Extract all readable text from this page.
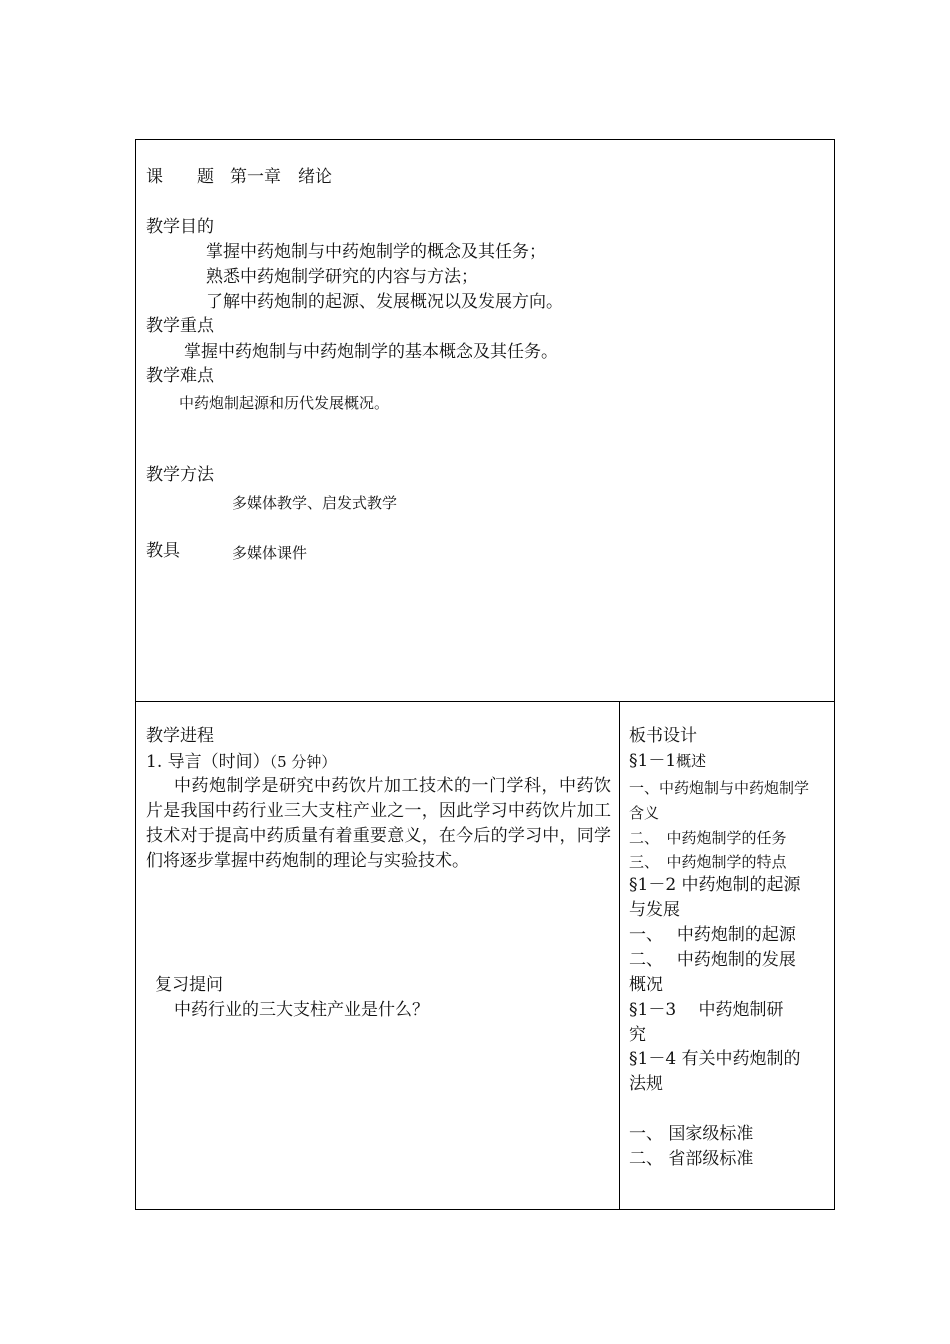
课　　题 第一章　绪论
教学目的
掌握中药炮制与中药炮制学的概念及其任务；
熟悉中药炮制学研究的内容与方法；
了解中药炮制的起源、发展概况以及发展方向。
教学重点
掌握中药炮制与中药炮制学的基本概念及其任务。
教学难点
中药炮制起源和历代发展概况。
教学方法
多媒体教学、启发式教学
教具	多媒体课件
教学进程
1. 导言（时间）（5 分钟）
中药炮制学是研究中药饮片加工技术的一门学科，中药饮片是我国中药行业三大支柱产业之一，因此学习中药饮片加工技术对于提高中药质量有着重要意义，在今后的学习中，同学们将逐步掌握中药炮制的理论与实验技术。
复习提问
中药行业的三大支柱产业是什么？
板书设计
§1－1概述
一、中药炮制与中药炮制学
含义
二、　中药炮制学的任务
三、　中药炮制学的特点
§1－2 中药炮制的起源
与发展
一、　 中药炮制的起源
二、　 中药炮制的发展
概况
§1－3　 中药炮制研
究
§1－4 有关中药炮制的
法规
一、 国家级标准
二、 省部级标准
